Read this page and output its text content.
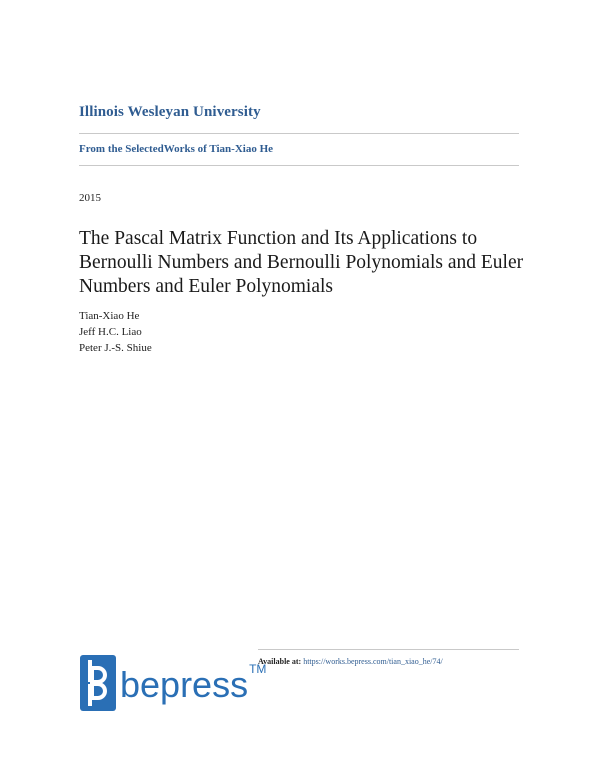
Illinois Wesleyan University
From the SelectedWorks of Tian-Xiao He
2015
The Pascal Matrix Function and Its Applications to Bernoulli Numbers and Bernoulli Polynomials and Euler Numbers and Euler Polynomials
Tian-Xiao He
Jeff H.C. Liao
Peter J.-S. Shiue
Available at: https://works.bepress.com/tian_xiao_he/74/
bepress TM
